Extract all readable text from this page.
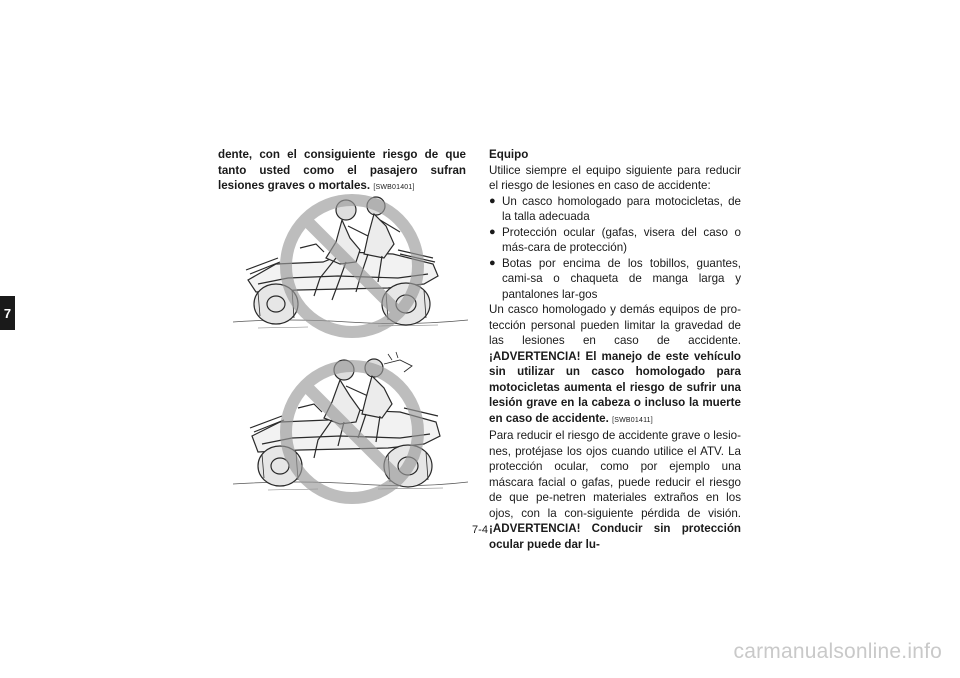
7

dente, con el consiguiente riesgo de que tanto usted como el pasajero sufran lesiones graves o mortales. [SWB01401]

Equipo

Utilice siempre el equipo siguiente para reducir el riesgo de lesiones en caso de accidente:

● Un casco homologado para motocicletas, de la talla adecuada
● Protección ocular (gafas, visera del caso o más-cara de protección)
● Botas por encima de los tobillos, guantes, cami-sa o chaqueta de manga larga y pantalones lar-gos

Un casco homologado y demás equipos de pro-tección personal pueden limitar la gravedad de las lesiones en caso de accidente. ¡ADVERTENCIA! El manejo de este vehículo sin utilizar un casco homologado para motocicletas aumenta el riesgo de sufrir una lesión grave en la cabeza o incluso la muerte en caso de accidente. [SWB01411]

Para reducir el riesgo de accidente grave o lesio-nes, protéjase los ojos cuando utilice el ATV. La protección ocular, como por ejemplo una máscara facial o gafas, puede reducir el riesgo de que pe-netren materiales extraños en los ojos, con la con-siguiente pérdida de visión. ¡ADVERTENCIA! Conducir sin protección ocular puede dar lu-

7-4
carmanualsonline.info
